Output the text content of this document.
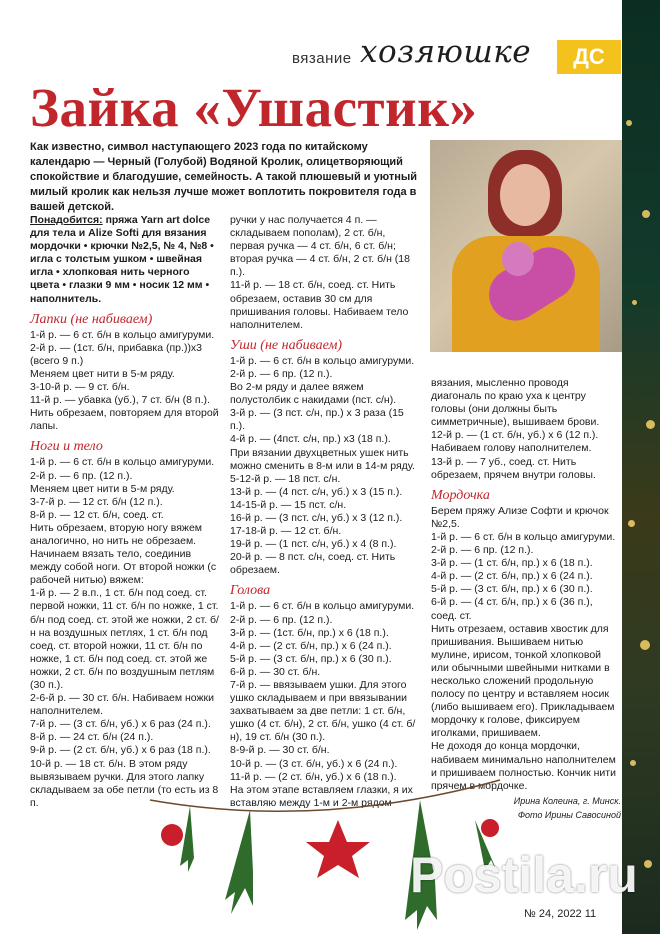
вязание хозяюшке	ДС
Зайка «Ушастик»
Как известно, символ наступающего 2023 года по китайскому календарю — Черный (Голубой) Водяной Кролик, олицетворяющий спокойствие и благодушие, семейность. А такой плюшевый и уютный милый кролик как нельзя лучше может воплотить покровителя года в вашей детской.

Понадобится: пряжа Yarn art dolce для тела и Alize Softi для вязания мордочки • крючки №2,5, № 4, №8 • игла с толстым ушком • швейная игла • хлопковая нить черного цвета • глазки 9 мм • носик 12 мм • наполнитель.

Лапки (не набиваем)

1-й р. — 6 ст. б/н в кольцо амигуруми.

2-й р. — (1ст. б/н, прибавка (пр.))х3 (всего 9 п.)

Меняем цвет нити в 5-м ряду.

3-10-й р. — 9 ст. б/н.

11-й р. — убавка (уб.), 7 ст. б/н (8 п.).

Нить обрезаем, повторяем для второй лапы.

Ноги и тело

1-й р. — 6 ст. б/н в кольцо амигуруми.

2-й р. — 6 пр. (12 п.).

Меняем цвет нити в 5-м ряду.

3-7-й р. — 12 ст. б/н (12 п.).

8-й р. — 12 ст. б/н, соед. ст.

Нить обрезаем, вторую ногу вяжем аналогично, но нить не обрезаем. Начинаем вязать тело, соединив между собой ноги. От второй ножки (с рабочей нитью) вяжем:

1-й р. — 2 в.п., 1 ст. б/н под соед. ст. первой ножки, 11 ст. б/н по ножке, 1 ст. б/н под соед. ст. этой же ножки, 2 ст. б/н на воздушных петлях, 1 ст. б/н под соед. ст. второй ножки, 11 ст. б/н по ножке, 1 ст. б/н под соед. ст. этой же ножки, 2 ст. б/н по воздушным петлям (30 п.).

2-6-й р. — 30 ст. б/н. Набиваем ножки наполнителем.

7-й р. — (3 ст. б/н, уб.) х 6 раз (24 п.).

8-й р. — 24 ст. б/н (24 п.).

9-й р. — (2 ст. б/н, уб.) х 6 раз (18 п.).

10-й р. — 18 ст. б/н. В этом ряду вывязываем ручки. Для этого лапку складываем за обе петли (то есть из 8 п.

ручки у нас получается 4 п. — складываем пополам), 2 ст. б/н, первая ручка — 4 ст. б/н, 6 ст. б/н; вторая ручка — 4 ст. б/н, 2 ст. б/н (18 п.).

11-й р. — 18 ст. б/н, соед. ст. Нить обрезаем, оставив 30 см для пришивания головы. Набиваем тело наполнителем.

Уши (не набиваем)

1-й р. — 6 ст. б/н в кольцо амигуруми.

2-й р. — 6 пр. (12 п.).

Во 2-м ряду и далее вяжем полустолбик с накидами (пст. с/н).

3-й р. — (3 пст. с/н, пр.) х 3 раза (15 п.).

4-й р. — (4пст. с/н, пр.) х3 (18 п.).

При вязании двухцветных ушек нить можно сменить в 8-м или в 14-м ряду.

5-12-й р. — 18 пст. с/н.

13-й р. — (4 пст. с/н, уб.) х 3 (15 п.).

14-15-й р. — 15 пст. с/н.

16-й р. — (3 пст. с/н, уб.) х 3 (12 п.).

17-18-й р. — 12 ст. б/н.

19-й р. — (1 пст. с/н, уб.) х 4 (8 п.).

20-й р. — 8 пст. с/н, соед. ст. Нить обрезаем.

Голова

1-й р. — 6 ст. б/н в кольцо амигуруми.

2-й р. — 6 пр. (12 п.).

3-й р. — (1ст. б/н, пр.) х 6 (18 п.).

4-й р. — (2 ст. б/н, пр.) х 6 (24 п.).

5-й р. — (3 ст. б/н, пр.) х 6 (30 п.).

6-й р. — 30 ст. б/н.

7-й р. — ввязываем ушки. Для этого ушко складываем и при ввязывании захватываем за две петли: 1 ст. б/н, ушко (4 ст. б/н), 2 ст. б/н, ушко (4 ст. б/н), 19 ст. б/н (30 п.).

8-9-й р. — 30 ст. б/н.

10-й р. — (3 ст. б/н, уб.) х 6 (24 п.).

11-й р. — (2 ст. б/н, уб.) х 6 (18 п.).

На этом этапе вставляем глазки, я их вставляю между 1-м и 2-м рядом

вязания, мысленно проводя диагональ по краю уха к центру головы (они должны быть симметричные), вышиваем брови.

12-й р. — (1 ст. б/н, уб.) х 6 (12 п.). Набиваем голову наполнителем.

13-й р. — 7 уб., соед. ст. Нить обрезаем, прячем внутри головы.

Мордочка

Берем пряжу Ализе Софти и крючок №2,5.

1-й р. — 6 ст. б/н в кольцо амигуруми.

2-й р. — 6 пр. (12 п.).

3-й р. — (1 ст. б/н, пр.) х 6 (18 п.).

4-й р. — (2 ст. б/н, пр.) х 6 (24 п.).

5-й р. — (3 ст. б/н, пр.) х 6 (30 п.).

6-й р. — (4 ст. б/н, пр.) х 6 (36 п.), соед. ст.

Нить отрезаем, оставив хвостик для пришивания. Вышиваем нитью мулине, ирисом, тонкой хлопковой или обычными швейными нитками в несколько сложений продольную полосу по центру и вставляем носик (либо вышиваем его). Прикладываем мордочку к голове, фиксируем иголками, пришиваем.

Не доходя до конца мордочки, набиваем минимально наполнителем и пришиваем полностью. Кончик нити прячем в мордочке.

Ирина Колеина, г. Минск.
Фото Ирины Савосиной
Postila.ru
№ 24, 2022 11
